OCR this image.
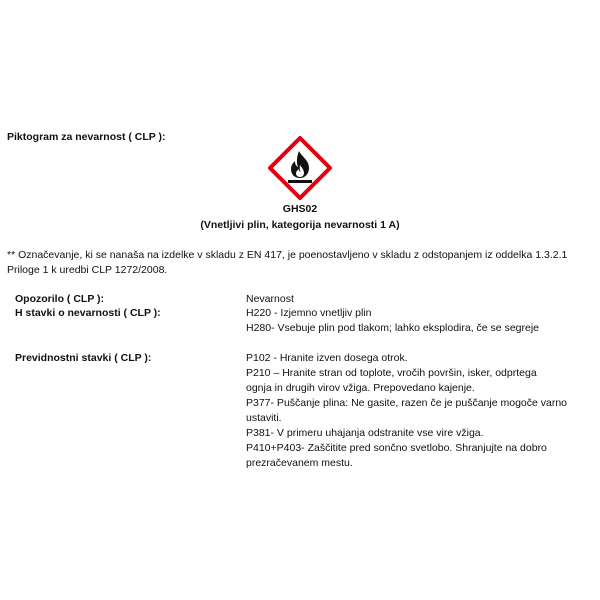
Piktogram za nevarnost ( CLP ):
GHS02
(Vnetljivi plin, kategorija nevarnosti 1 A)
** Označevanje, ki se nanaša na izdelke v skladu z EN 417, je poenostavljeno v skladu z odstopanjem iz oddelka 1.3.2.1
Priloge 1 k uredbi CLP 1272/2008.
Opozorilo ( CLP ):	Nevarnost
H stavki o nevarnosti ( CLP ):	H220 - Izjemno vnetljiv plin
H280- Vsebuje plin pod tlakom; lahko eksplodira, če se segreje
Previdnostni stavki ( CLP ):	P102 - Hranite izven dosega otrok.
P210 – Hranite stran od toplote, vročih površin, isker, odprtega
ognja in drugih virov vžiga. Prepovedano kajenje.
P377- Puščanje plina: Ne gasite, razen če je puščanje mogoče varno
ustaviti.
P381- V primeru uhajanja odstranite vse vire vžiga.
P410+P403- Zaščitite pred sončno svetlobo. Shranjujte na dobro
prezračevanem mestu.
